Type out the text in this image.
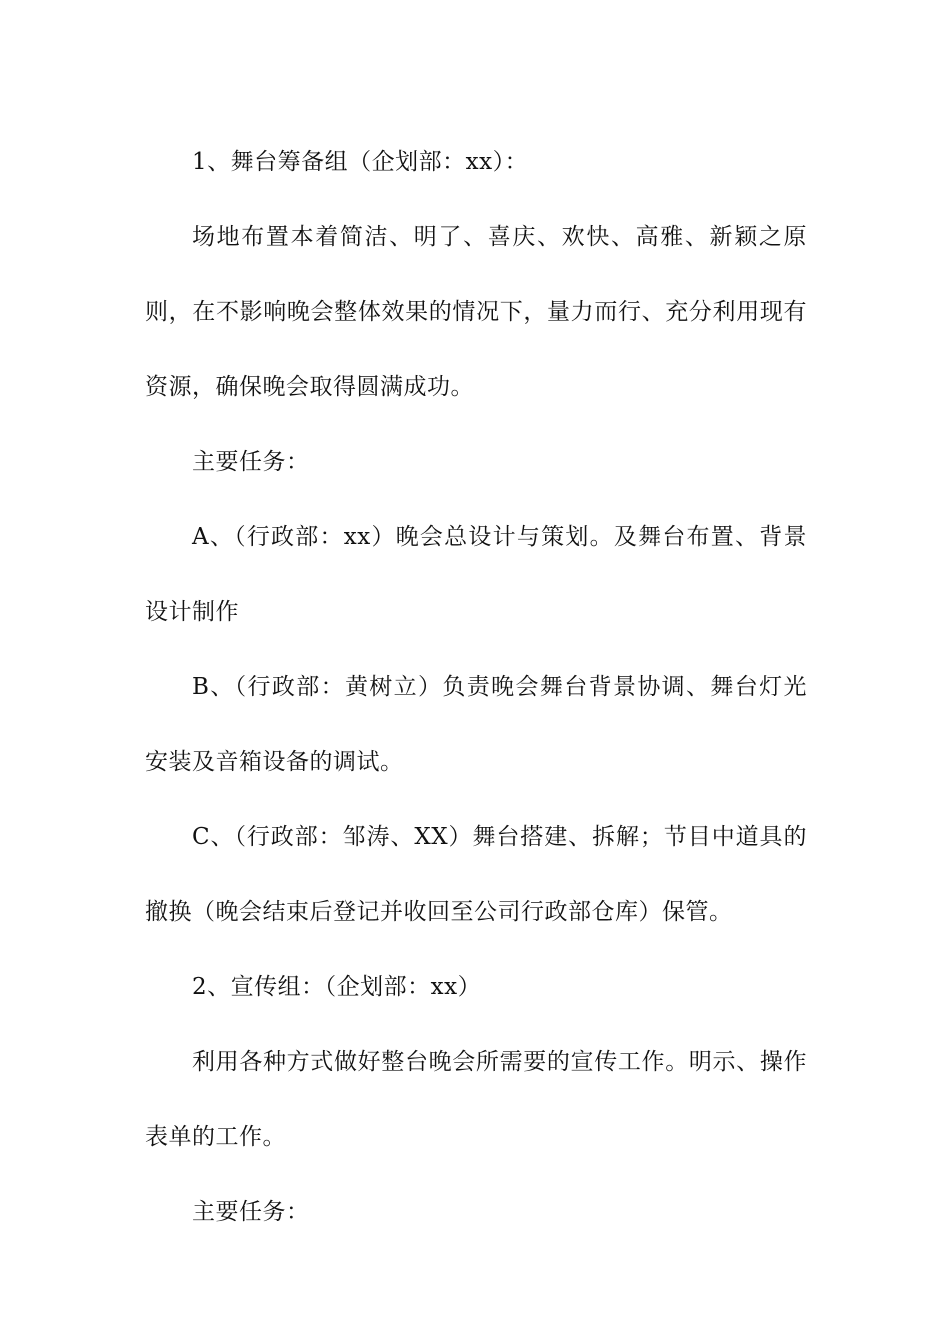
1、舞台筹备组（企划部：xx）：

场地布置本着简洁、明了、喜庆、欢快、高雅、新颖之原则，在不影响晚会整体效果的情况下，量力而行、充分利用现有资源，确保晚会取得圆满成功。

主要任务：

A、（行政部：xx）晚会总设计与策划。及舞台布置、背景设计制作

B、（行政部：黄树立）负责晚会舞台背景协调、舞台灯光安装及音箱设备的调试。

C、（行政部：邹涛、XX）舞台搭建、拆解；节目中道具的撤换（晚会结束后登记并收回至公司行政部仓库）保管。

2、宣传组：（企划部：xx）

利用各种方式做好整台晚会所需要的宣传工作。明示、操作表单的工作。

主要任务：
